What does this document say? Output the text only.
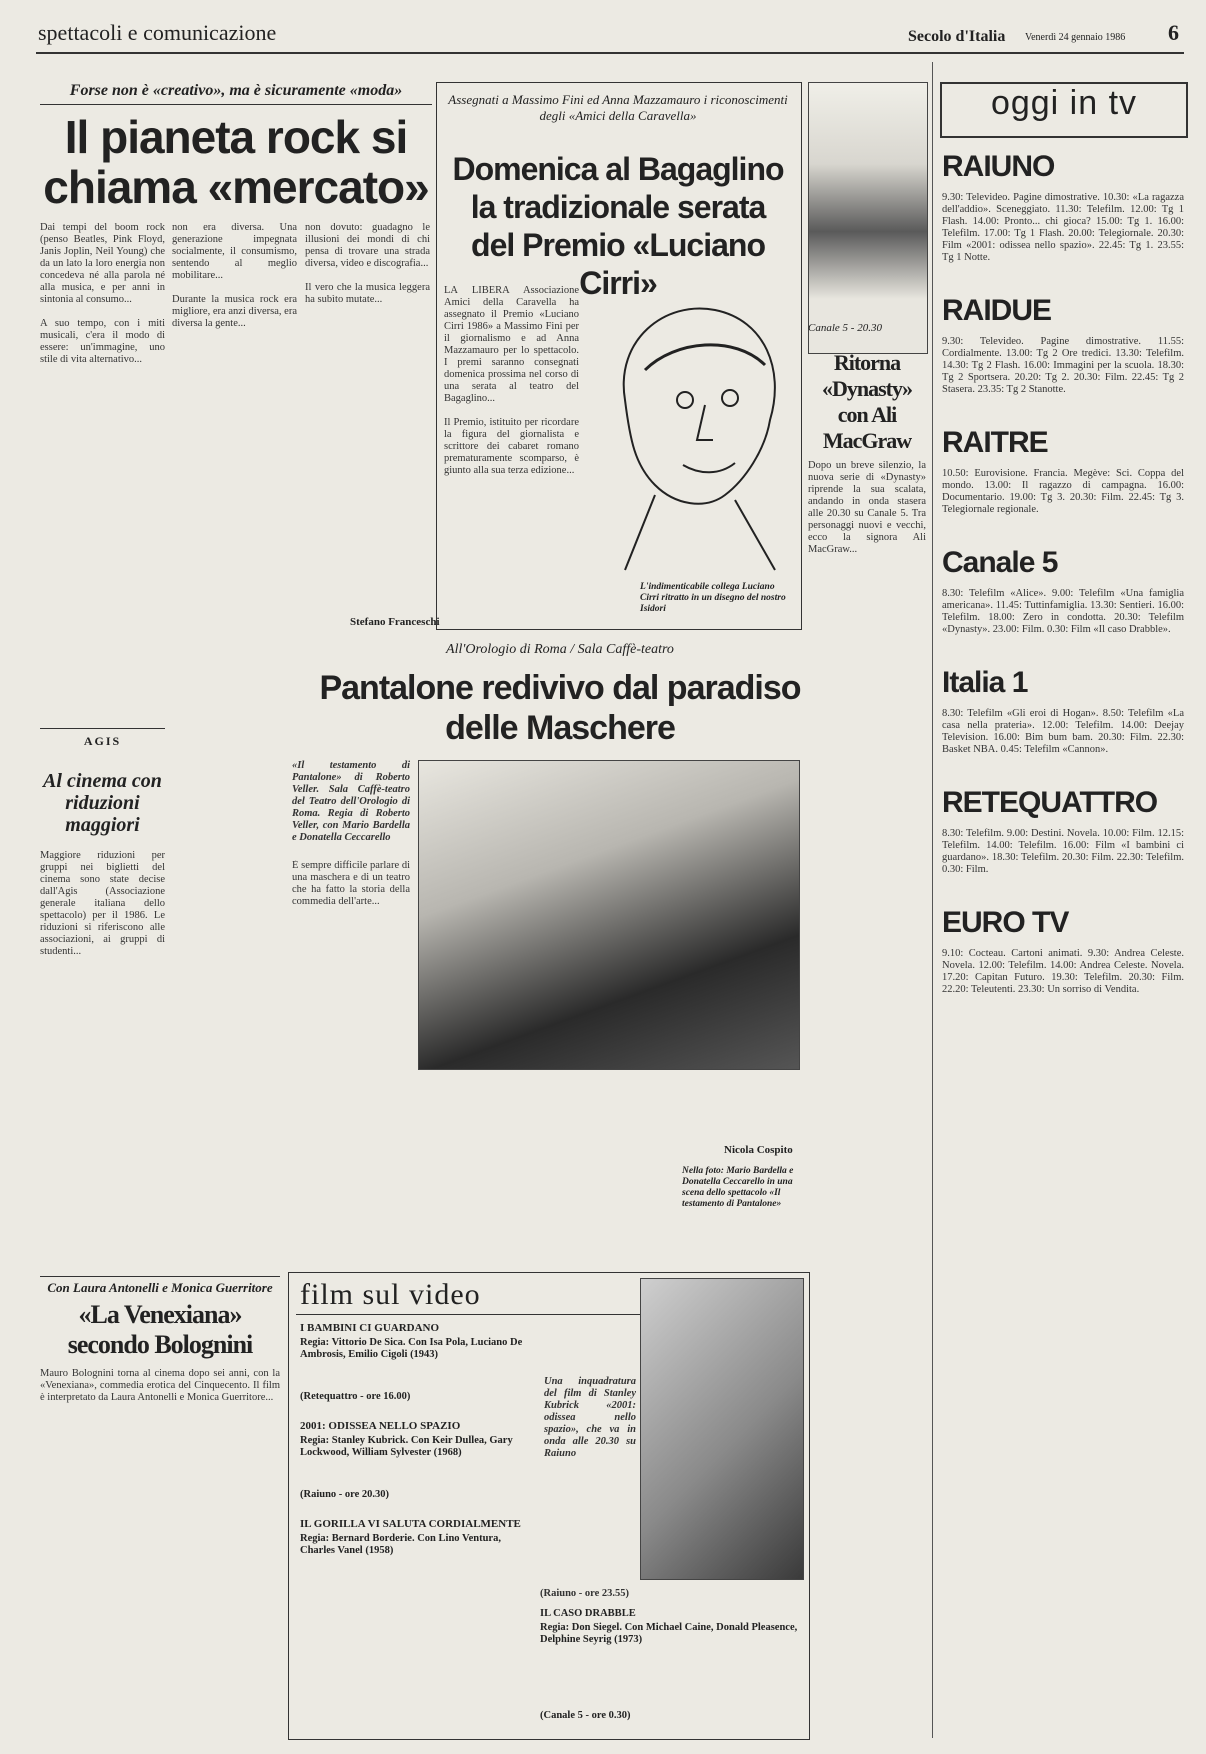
spettacoli e comunicazione	Secolo d'Italia Venerdì 24 gennaio 1986 6
Forse non è «creativo», ma è sicuramente «moda»
Il pianeta rock si chiama «mercato»
Dai tempi del boom rock (penso Beatles, Pink Floyd, Janis Joplin, Neil Young) che da un lato la loro energia non concedeva né alla parola né alla musica, e per anni in sintonia al consumo...

A suo tempo, con i miti musicali, c'era il modo di essere: un'immagine, uno stile di vita alternativo...
non era diversa. Una generazione impegnata socialmente, il consumismo, sentendo al meglio mobilitare...

Durante la musica rock era migliore, era anzi diversa, era diversa la gente...
non dovuto: guadagno le illusioni dei mondi di chi pensa di trovare una strada diversa, video e discografia...

Il vero che la musica leggera ha subìto mutate...
Stefano Franceschi
AGIS
Al cinema con riduzioni maggiori
Maggiore riduzioni per gruppi nei biglietti del cinema sono state decise dall'Agis (Associazione generale italiana dello spettacolo) per il 1986. Le riduzioni si riferiscono alle associazioni, ai gruppi di studenti...
Assegnati a Massimo Fini ed Anna Mazzamauro i riconoscimenti degli «Amici della Caravella»
Domenica al Bagaglino la tradizionale serata del Premio «Luciano Cirri»
LA LIBERA Associazione Amici della Caravella ha assegnato il Premio «Luciano Cirri 1986» a Massimo Fini per il giornalismo e ad Anna Mazzamauro per lo spettacolo. I premi saranno consegnati domenica prossima nel corso di una serata al teatro del Bagaglino...

Il Premio, istituito per ricordare la figura del giornalista e scrittore dei cabaret romano prematuramente scomparso, è giunto alla sua terza edizione...
L'indimenticabile collega Luciano Cirri ritratto in un disegno del nostro Isidori
Canale 5 - 20.30
Ritorna «Dynasty» con Ali MacGraw
Dopo un breve silenzio, la nuova serie di «Dynasty» riprende la sua scalata, andando in onda stasera alle 20.30 su Canale 5. Tra personaggi nuovi e vecchi, ecco la signora Ali MacGraw...
All'Orologio di Roma / Sala Caffè-teatro
Pantalone redivivo dal paradiso delle Maschere
«Il testamento di Pantalone» di Roberto Veller. Sala Caffè-teatro del Teatro dell'Orologio di Roma. Regia di Roberto Veller, con Mario Bardella e Donatella Ceccarello
È sempre difficile parlare di una maschera e di un teatro che ha fatto la storia della commedia dell'arte...
Nicola Cospito
Nella foto: Mario Bardella e Donatella Ceccarello in una scena dello spettacolo «Il testamento di Pantalone»
Con Laura Antonelli e Monica Guerritore
«La Venexiana» secondo Bolognini
Mauro Bolognini torna al cinema dopo sei anni, con la «Venexiana», commedia erotica del Cinquecento. Il film è interpretato da Laura Antonelli e Monica Guerritore...
film sul video
I BAMBINI CI GUARDANO
Regia: Vittorio De Sica. Con Isa Pola, Luciano De Ambrosis, Emilio Cigoli (1943)
(Retequattro - ore 16.00)
2001: ODISSEA NELLO SPAZIO
Regia: Stanley Kubrick. Con Keir Dullea, Gary Lockwood, William Sylvester (1968)
(Raiuno - ore 20.30)
IL GORILLA VI SALUTA CORDIALMENTE
Regia: Bernard Borderie. Con Lino Ventura, Charles Vanel (1958)
Una inquadratura del film di Stanley Kubrick «2001: odissea nello spazio», che va in onda alle 20.30 su Raiuno
(Raiuno - ore 23.55)
IL CASO DRABBLE
Regia: Don Siegel. Con Michael Caine, Donald Pleasence, Delphine Seyrig (1973)
(Canale 5 - ore 0.30)
oggi in tv
RAIUNO
9.30: Televideo. Pagine dimostrative. 10.30: «La ragazza dell'addio». Sceneggiato. 11.30: Telefilm. 12.00: Tg 1 Flash. 14.00: Pronto... chi gioca? 15.00: Tg 1. 16.00: Telefilm. 17.00: Tg 1 Flash. 20.00: Telegiornale. 20.30: Film «2001: odissea nello spazio». 22.45: Tg 1. 23.55: Tg 1 Notte.
RAIDUE
9.30: Televideo. Pagine dimostrative. 11.55: Cordialmente. 13.00: Tg 2 Ore tredici. 13.30: Telefilm. 14.30: Tg 2 Flash. 16.00: Immagini per la scuola. 18.30: Tg 2 Sportsera. 20.20: Tg 2. 20.30: Film. 22.45: Tg 2 Stasera. 23.35: Tg 2 Stanotte.
RAITRE
10.50: Eurovisione. Francia. Megève: Sci. Coppa del mondo. 13.00: Il ragazzo di campagna. 16.00: Documentario. 19.00: Tg 3. 20.30: Film. 22.45: Tg 3. Telegiornale regionale.
Canale 5
8.30: Telefilm «Alice». 9.00: Telefilm «Una famiglia americana». 11.45: Tuttinfamiglia. 13.30: Sentieri. 16.00: Telefilm. 18.00: Zero in condotta. 20.30: Telefilm «Dynasty». 23.00: Film. 0.30: Film «Il caso Drabble».
Italia 1
8.30: Telefilm «Gli eroi di Hogan». 8.50: Telefilm «La casa nella prateria». 12.00: Telefilm. 14.00: Deejay Television. 16.00: Bim bum bam. 20.30: Film. 22.30: Basket NBA. 0.45: Telefilm «Cannon».
RETEQUATTRO
8.30: Telefilm. 9.00: Destini. Novela. 10.00: Film. 12.15: Telefilm. 14.00: Telefilm. 16.00: Film «I bambini ci guardano». 18.30: Telefilm. 20.30: Film. 22.30: Telefilm. 0.30: Film.
EURO TV
9.10: Cocteau. Cartoni animati. 9.30: Andrea Celeste. Novela. 12.00: Telefilm. 14.00: Andrea Celeste. Novela. 17.20: Capitan Futuro. 19.30: Telefilm. 20.30: Film. 22.20: Teleutenti. 23.30: Un sorriso di Vendita.
